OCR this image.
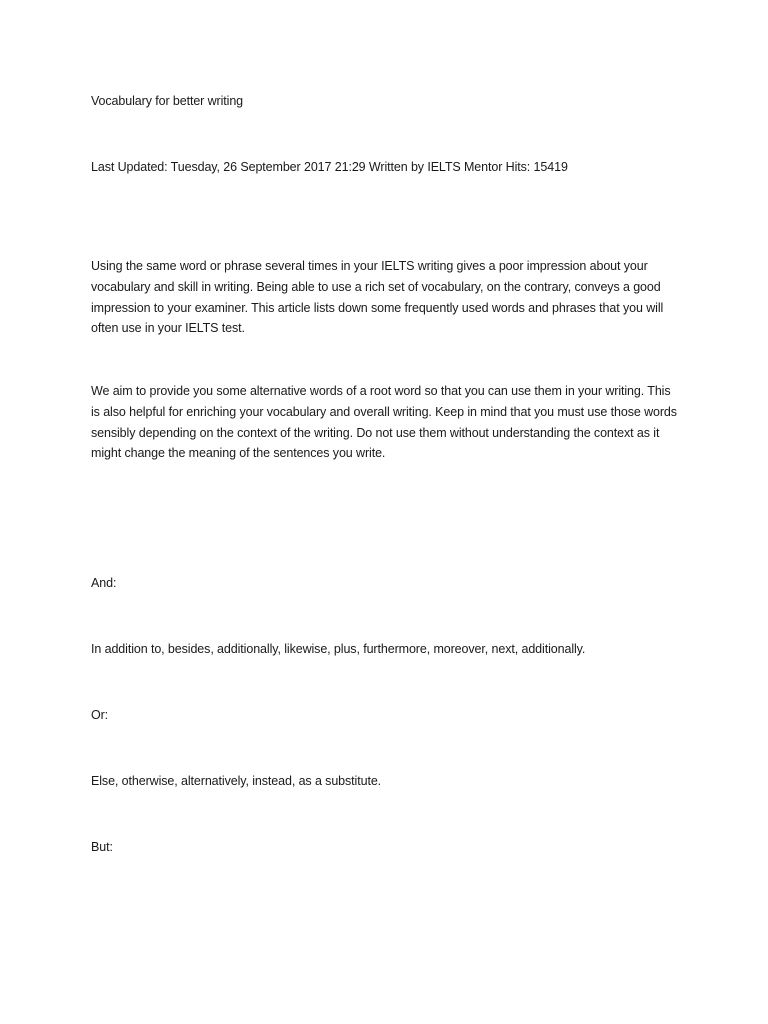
Vocabulary for better writing

Last Updated: Tuesday, 26 September 2017 21:29 Written by IELTS Mentor Hits: 15419

Using the same word or phrase several times in your IELTS writing gives a poor impression about your vocabulary and skill in writing. Being able to use a rich set of vocabulary, on the contrary, conveys a good impression to your examiner. This article lists down some frequently used words and phrases that you will often use in your IELTS test.

We aim to provide you some alternative words of a root word so that you can use them in your writing. This is also helpful for enriching your vocabulary and overall writing. Keep in mind that you must use those words sensibly depending on the context of the writing. Do not use them without understanding the context as it might change the meaning of the sentences you write.

And:

In addition to, besides, additionally, likewise, plus, furthermore, moreover, next, additionally.

Or:

Else, otherwise, alternatively, instead, as a substitute.

But:
